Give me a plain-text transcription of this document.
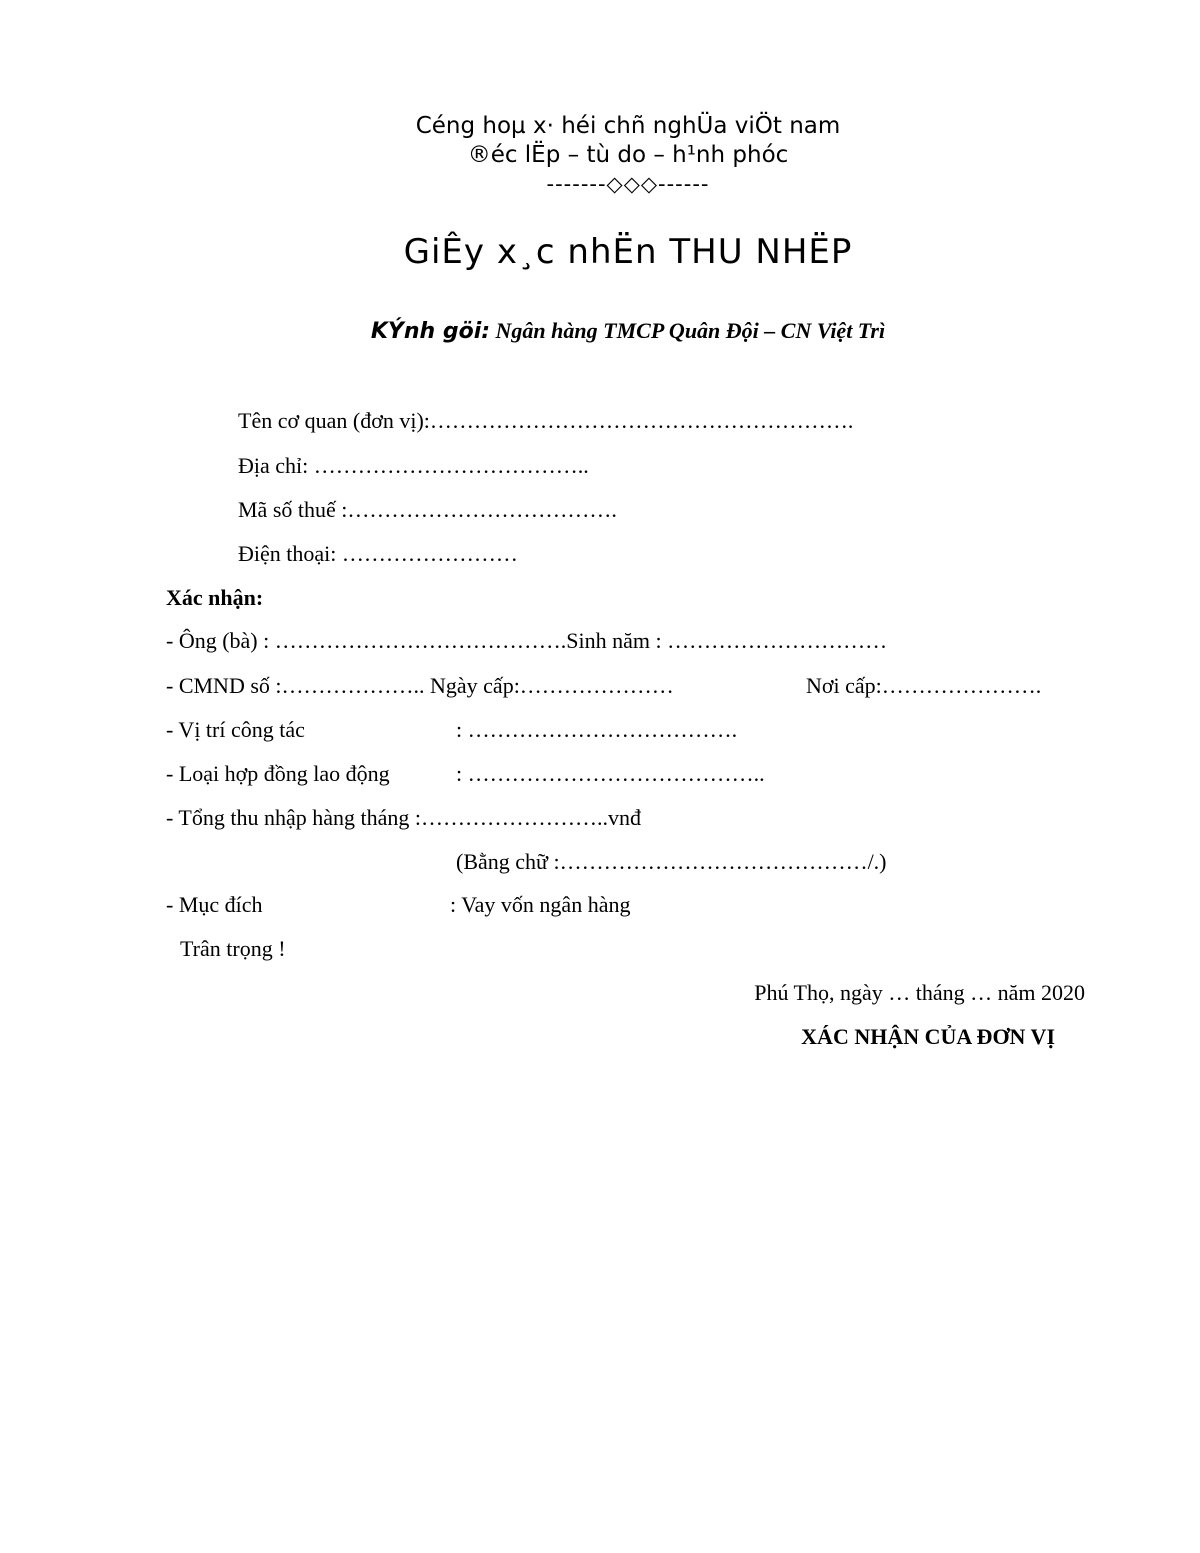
Céng hoµ x· héi chñ nghÜa viÖt nam
®éc lËp – tù do – h¹nh phóc
-------◇◇◇------
GiÊy x¸c nhËn THU NHËP
KÝnh göi: Ngân hàng TMCP Quân Đội – CN Việt Trì
Tên cơ quan (đơn vị):………………………………………………….
Địa chỉ: ………………………………..
Mã số thuế :……………………………….
Điện thoại: ……………………
Xác nhận:
- Ông (bà) : ………………………………….Sinh năm : …………………………
- CMND số :……………….. Ngày cấp:…………………	Nơi cấp:………………….
- Vị trí công tác	: ……………………………….
- Loại hợp đồng lao động	: …………………………………..
- Tổng thu nhập hàng tháng :……………………..vnđ
(Bằng chữ :……………………………………/.)
- Mục đích	: Vay vốn ngân hàng
Trân trọng !
Phú Thọ, ngày … tháng … năm 2020
XÁC NHẬN CỦA ĐƠN VỊ
